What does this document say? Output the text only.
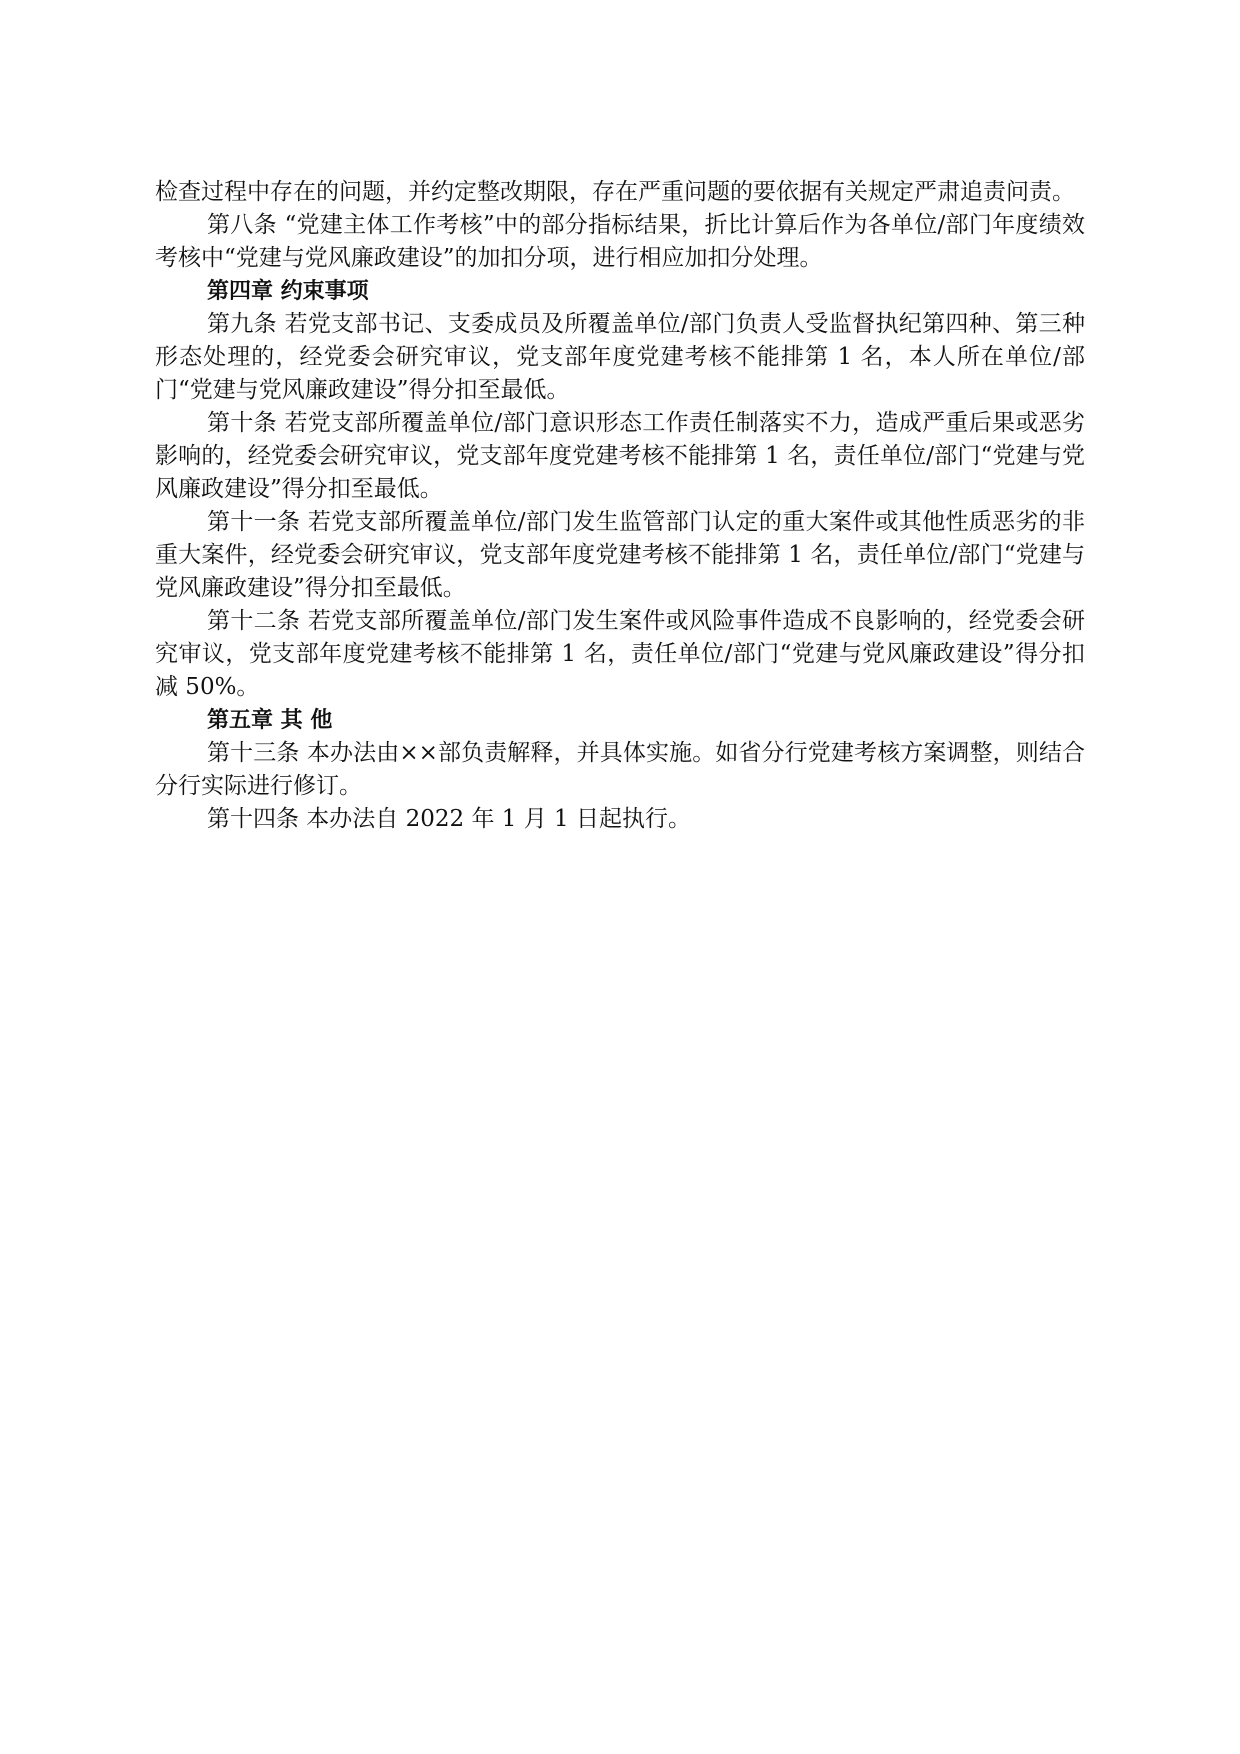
检查过程中存在的问题，并约定整改期限，存在严重问题的要依据有关规定严肃追责问责。

第八条 “党建主体工作考核”中的部分指标结果，折比计算后作为各单位/部门年度绩效考核中“党建与党风廉政建设”的加扣分项，进行相应加扣分处理。

第四章 约束事项

第九条 若党支部书记、支委成员及所覆盖单位/部门负责人受监督执纪第四种、第三种形态处理的，经党委会研究审议，党支部年度党建考核不能排第 1 名，本人所在单位/部门“党建与党风廉政建设”得分扣至最低。

第十条 若党支部所覆盖单位/部门意识形态工作责任制落实不力，造成严重后果或恶劣影响的，经党委会研究审议，党支部年度党建考核不能排第 1 名，责任单位/部门“党建与党风廉政建设”得分扣至最低。

第十一条 若党支部所覆盖单位/部门发生监管部门认定的重大案件或其他性质恶劣的非重大案件，经党委会研究审议，党支部年度党建考核不能排第 1 名，责任单位/部门“党建与党风廉政建设”得分扣至最低。

第十二条 若党支部所覆盖单位/部门发生案件或风险事件造成不良影响的，经党委会研究审议，党支部年度党建考核不能排第 1 名，责任单位/部门“党建与党风廉政建设”得分扣减 50%。

第五章 其 他

第十三条 本办法由××部负责解释，并具体实施。如省分行党建考核方案调整，则结合分行实际进行修订。

第十四条 本办法自 2022 年 1 月 1 日起执行。
